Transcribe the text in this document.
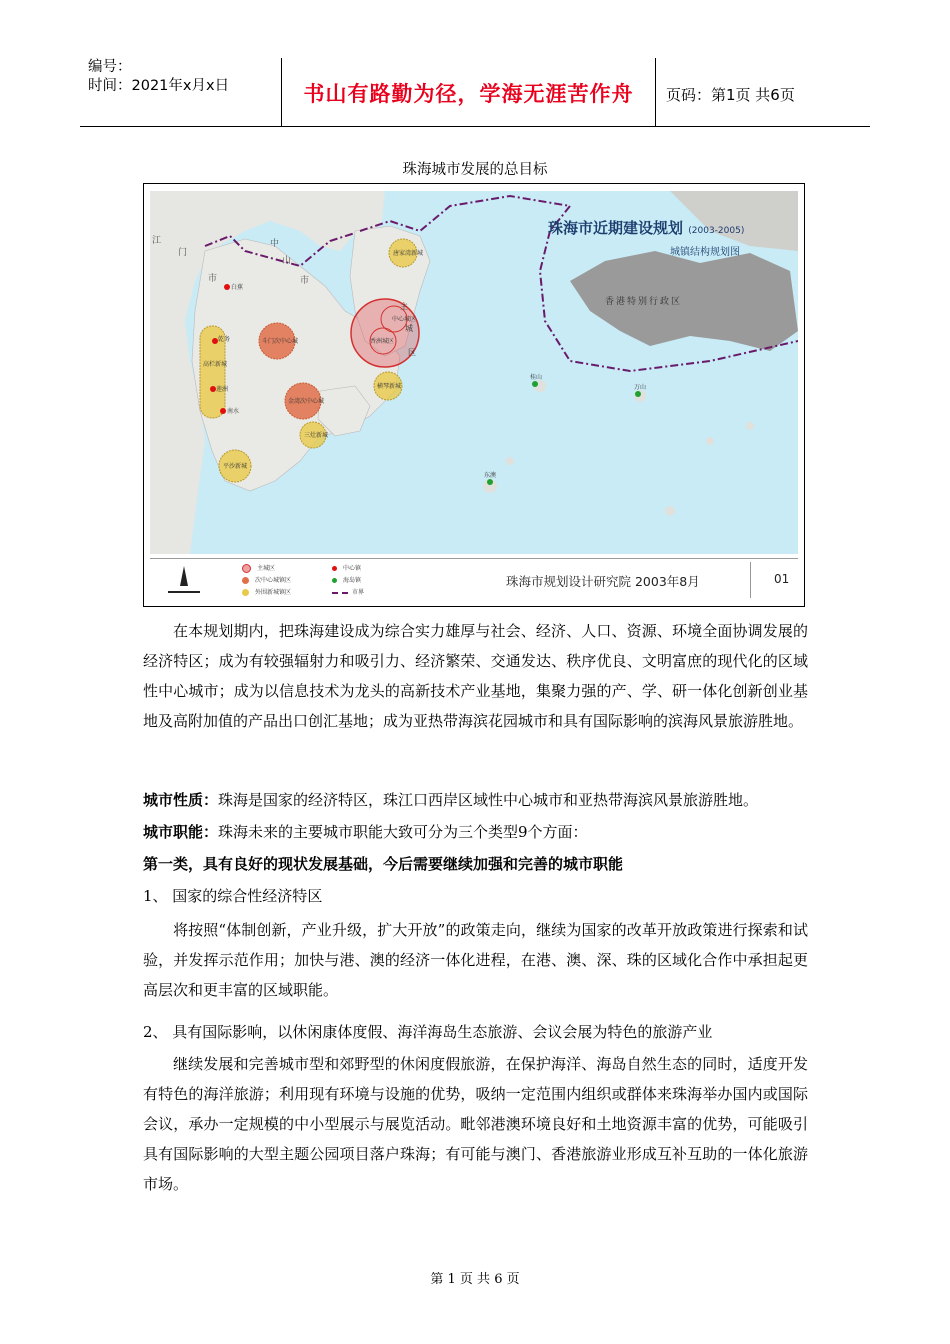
编号：
时间：2021年x月x日	书山有路勤为径，学海无涯苦作舟	页码：第1页 共6页
珠海城市发展的总目标
江
门
市
中
山
市
主
中心城区
城
香洲城区
区
唐家湾新城
斗门次中心城
金湾次中心城
三灶新城
平沙新城
横琴新城
高栏新城
白蕉
乾务
莲洲
南水
桂山
万山
东澳
香港特别行政区
珠海市近期建设规划 (2003-2005)
城镇结构规划图
主城区
次中心城镇区
外围新城镇区
中心镇
海岛镇
市界
珠海市规划设计研究院 2003年8月	01
在本规划期内，把珠海建设成为综合实力雄厚与社会、经济、人口、资源、环境全面协调发展的经济特区；成为有较强辐射力和吸引力、经济繁荣、交通发达、秩序优良、文明富庶的现代化的区域性中心城市；成为以信息技术为龙头的高新技术产业基地，集聚力强的产、学、研一体化创新创业基地及高附加值的产品出口创汇基地；成为亚热带海滨花园城市和具有国际影响的滨海风景旅游胜地。
城市性质：珠海是国家的经济特区，珠江口西岸区域性中心城市和亚热带海滨风景旅游胜地。
城市职能：珠海未来的主要城市职能大致可分为三个类型9个方面：
第一类，具有良好的现状发展基础，今后需要继续加强和完善的城市职能
1、 国家的综合性经济特区
将按照“体制创新，产业升级，扩大开放”的政策走向，继续为国家的改革开放政策进行探索和试验，并发挥示范作用；加快与港、澳的经济一体化进程，在港、澳、深、珠的区域化合作中承担起更高层次和更丰富的区域职能。
2、 具有国际影响，以休闲康体度假、海洋海岛生态旅游、会议会展为特色的旅游产业
继续发展和完善城市型和郊野型的休闲度假旅游，在保护海洋、海岛自然生态的同时，适度开发有特色的海洋旅游；利用现有环境与设施的优势，吸纳一定范围内组织或群体来珠海举办国内或国际会议，承办一定规模的中小型展示与展览活动。毗邻港澳环境良好和土地资源丰富的优势，可能吸引具有国际影响的大型主题公园项目落户珠海；有可能与澳门、香港旅游业形成互补互助的一体化旅游市场。
第 1 页 共 6 页
